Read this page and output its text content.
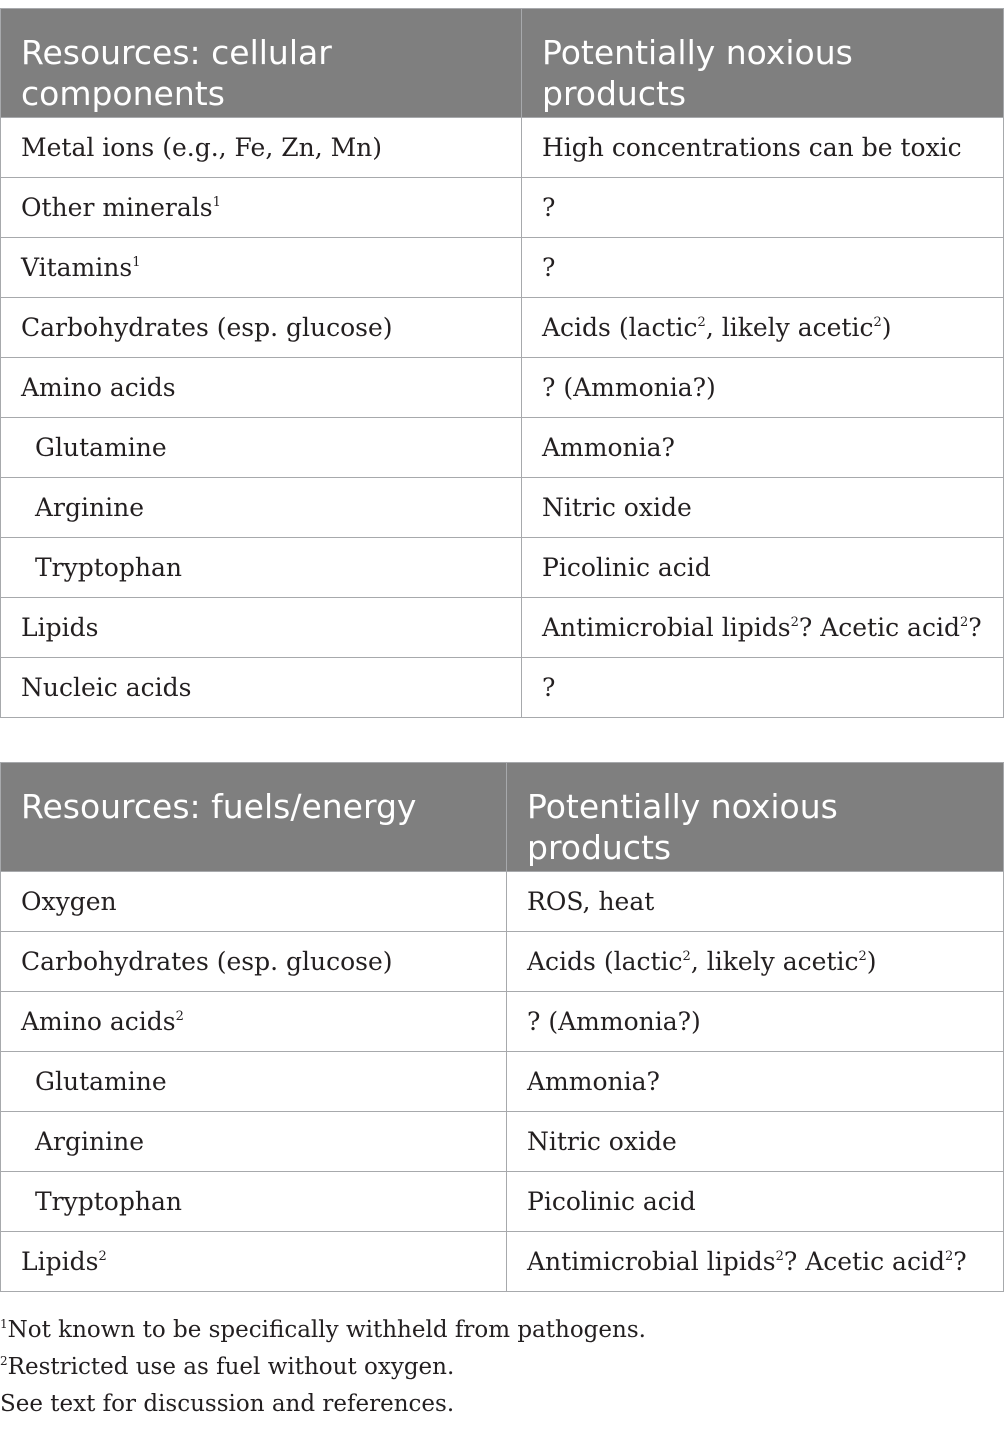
Resources: cellular components	Potentially noxious products
Metal ions (e.g., Fe, Zn, Mn)	High concentrations can be toxic
Other minerals$^1$	?
Vitamins$^1$	?
Carbohydrates (esp. glucose)	Acids (lactic$^2$, likely acetic$^2$)
Amino acids	? (Ammonia?)
Glutamine	Ammonia?
Arginine	Nitric oxide
Tryptophan	Picolinic acid
Lipids	Antimicrobial lipids$^2$? Acetic acid$^2$?
Nucleic acids	?
Resources: fuels/energy	Potentially noxious products
Oxygen	ROS, heat
Carbohydrates (esp. glucose)	Acids (lactic$^2$, likely acetic$^2$)
Amino acids$^2$	? (Ammonia?)
Glutamine	Ammonia?
Arginine	Nitric oxide
Tryptophan	Picolinic acid
Lipids$^2$	Antimicrobial lipids$^2$? Acetic acid$^2$?

$^1$Not known to be specifically withheld from pathogens.

$^2$Restricted use as fuel without oxygen.

See text for discussion and references.
